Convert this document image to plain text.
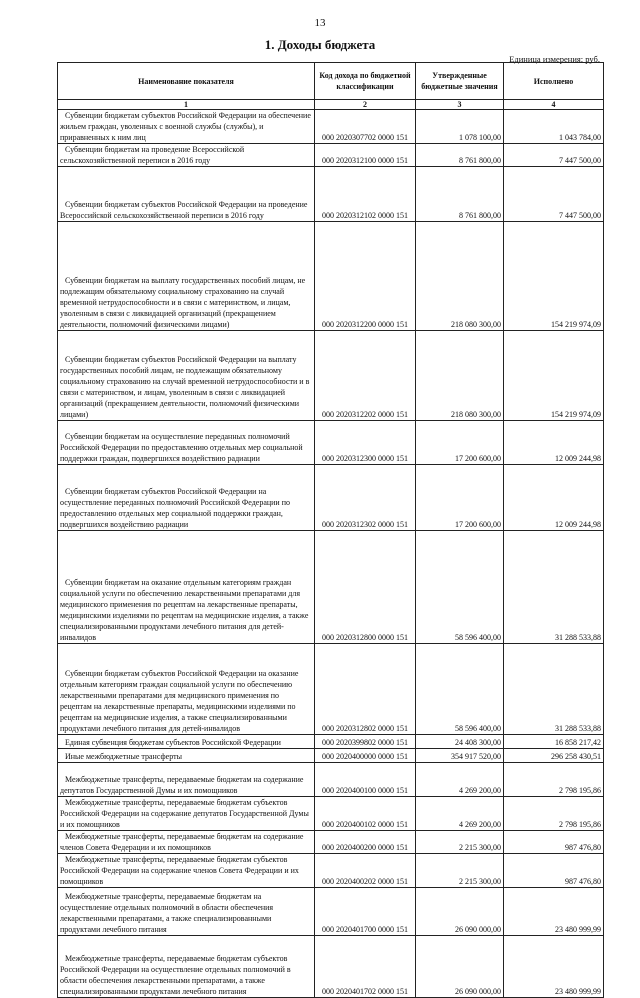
13
1. Доходы бюджета
Единица измерения: руб.
Наименование показателя	Код дохода по бюджетной классификации	Утвержденные бюджетные значения	Исполнено
1	2	3	4
Субвенции бюджетам субъектов Российской Федерации на обеспечение жильем граждан, уволенных с военной службы (службы), и приравненных к ним лиц	000 2020307702 0000 151	1 078 100,00	1 043 784,00
Субвенции бюджетам на проведение Всероссийской сельскохозяйственной переписи в 2016 году	000 2020312100 0000 151	8 761 800,00	7 447 500,00
Субвенции бюджетам субъектов Российской Федерации на проведение Всероссийской сельскохозяйственной переписи в 2016 году	000 2020312102 0000 151	8 761 800,00	7 447 500,00
Субвенции бюджетам на выплату государственных пособий лицам, не подлежащим обязательному социальному страхованию на случай временной нетрудоспособности и в связи с материнством, и лицам, уволенным в связи с ликвидацией организаций (прекращением деятельности, полномочий физическими лицами)	000 2020312200 0000 151	218 080 300,00	154 219 974,09
Субвенции бюджетам субъектов Российской Федерации на выплату государственных пособий лицам, не подлежащим обязательному социальному страхованию на случай временной нетрудоспособности и в связи с материнством, и лицам, уволенным в связи с ликвидацией организаций (прекращением деятельности, полномочий физическими лицами)	000 2020312202 0000 151	218 080 300,00	154 219 974,09
Субвенции бюджетам на осуществление переданных полномочий Российской Федерации по предоставлению отдельных мер социальной поддержки граждан, подвергшихся воздействию радиации	000 2020312300 0000 151	17 200 600,00	12 009 244,98
Субвенции бюджетам субъектов Российской Федерации на осуществление переданных полномочий Российской Федерации по предоставлению отдельных мер социальной поддержки граждан, подвергшихся воздействию радиации	000 2020312302 0000 151	17 200 600,00	12 009 244,98
Субвенции бюджетам на оказание отдельным категориям граждан социальной услуги по обеспечению лекарственными препаратами для медицинского применения по рецептам на лекарственные препараты, медицинскими изделиями по рецептам на медицинские изделия, а также специализированными продуктами лечебного питания для детей-инвалидов	000 2020312800 0000 151	58 596 400,00	31 288 533,88
Субвенции бюджетам субъектов Российской Федерации на оказание отдельным категориям граждан социальной услуги по обеспечению лекарственными препаратами для медицинского применения по рецептам на лекарственные препараты, медицинскими изделиями по рецептам на медицинские изделия, а также специализированными продуктами лечебного питания для детей-инвалидов	000 2020312802 0000 151	58 596 400,00	31 288 533,88
Единая субвенция бюджетам субъектов Российской Федерации	000 2020399802 0000 151	24 408 300,00	16 858 217,42
Иные межбюджетные трансферты	000 2020400000 0000 151	354 917 520,00	296 258 430,51
Межбюджетные трансферты, передаваемые бюджетам на содержание депутатов Государственной Думы и их помощников	000 2020400100 0000 151	4 269 200,00	2 798 195,86
Межбюджетные трансферты, передаваемые бюджетам субъектов Российской Федерации на содержание депутатов Государственной Думы и их помощников	000 2020400102 0000 151	4 269 200,00	2 798 195,86
Межбюджетные трансферты, передаваемые бюджетам на содержание членов Совета Федерации и их помощников	000 2020400200 0000 151	2 215 300,00	987 476,80
Межбюджетные трансферты, передаваемые бюджетам субъектов Российской Федерации на содержание членов Совета Федерации и их помощников	000 2020400202 0000 151	2 215 300,00	987 476,80
Межбюджетные трансферты, передаваемые бюджетам на осуществление отдельных полномочий в области обеспечения лекарственными препаратами, а также специализированными продуктами лечебного питания	000 2020401700 0000 151	26 090 000,00	23 480 999,99
Межбюджетные трансферты, передаваемые бюджетам субъектов Российской Федерации на осуществление отдельных полномочий в области обеспечения лекарственными препаратами, а также специализированными продуктами лечебного питания	000 2020401702 0000 151	26 090 000,00	23 480 999,99
